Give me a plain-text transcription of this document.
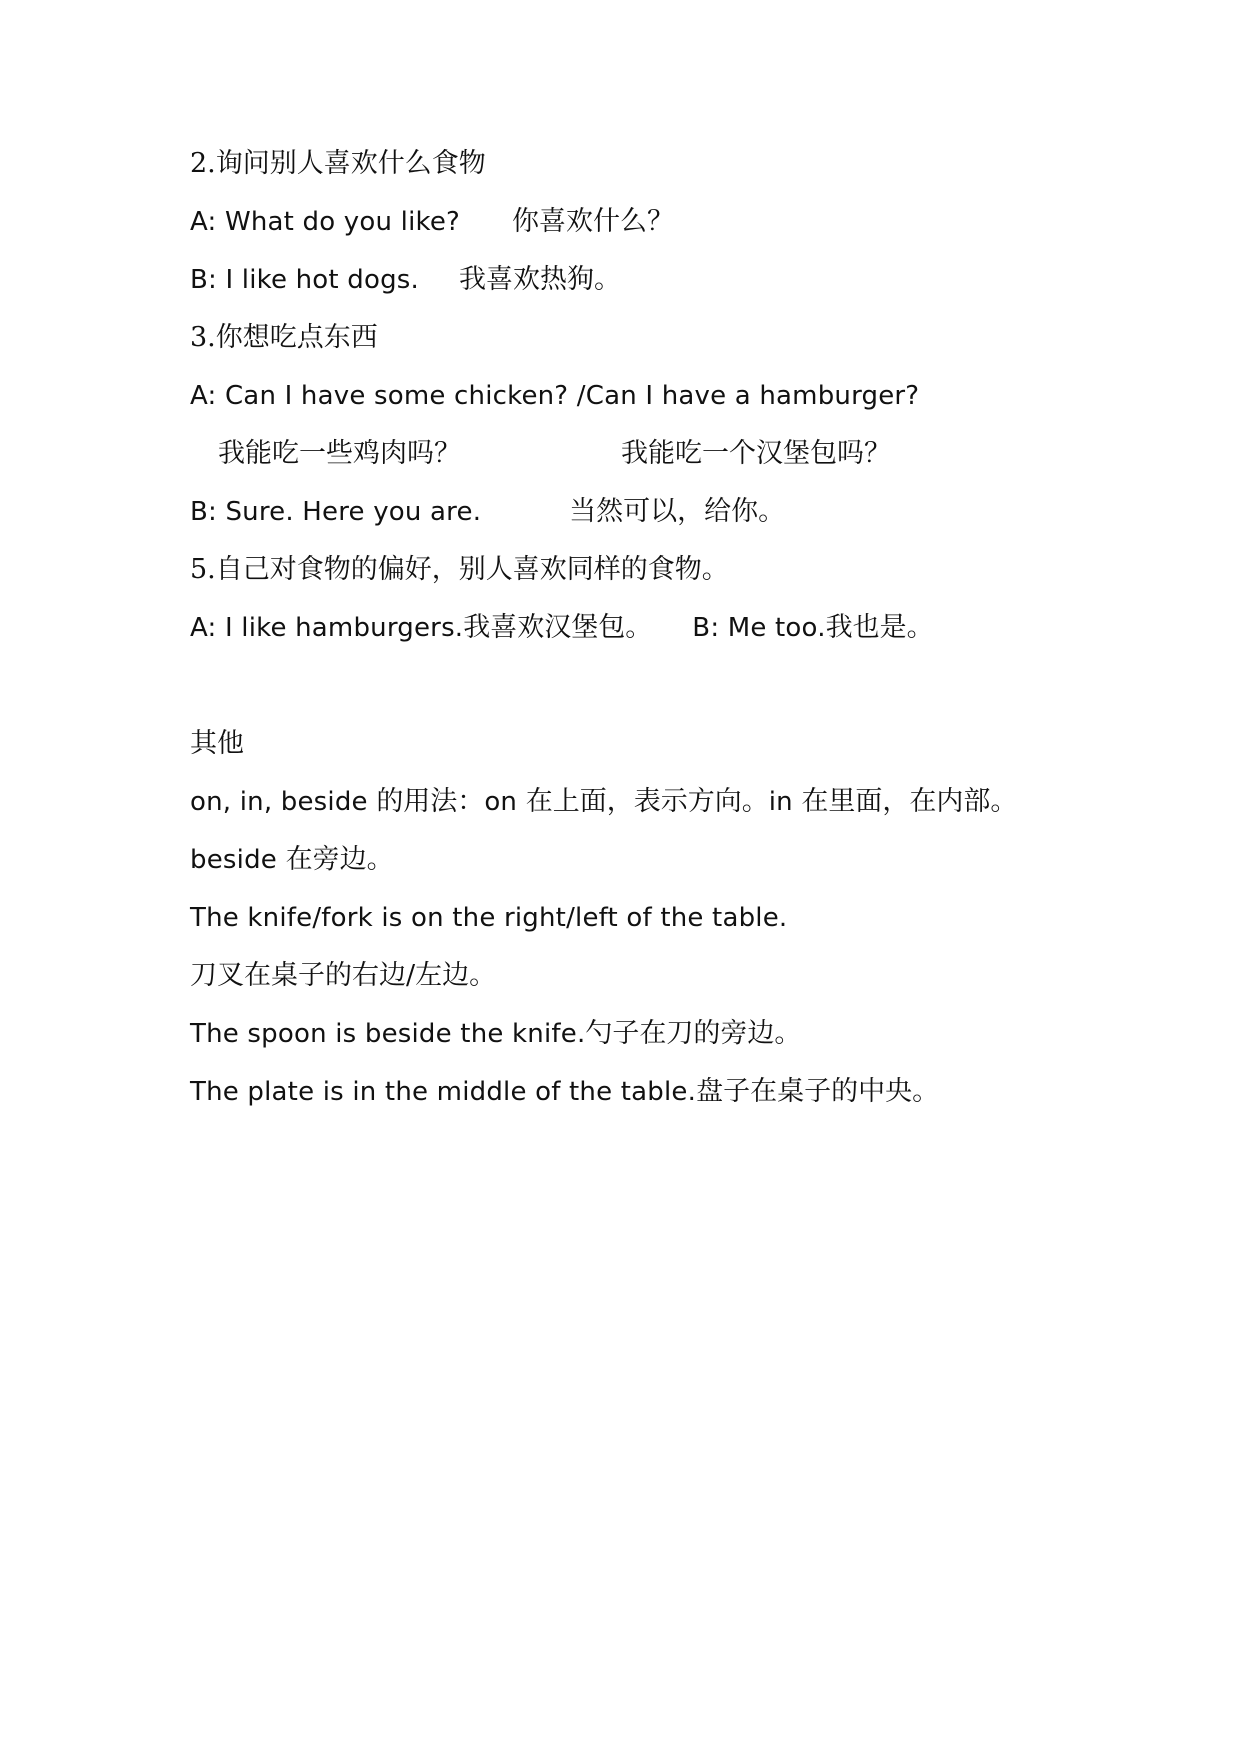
2.询问别人喜欢什么食物
A: What do you like? 你喜欢什么？
B: I like hot dogs. 我喜欢热狗。
3.你想吃点东西
A: Can I have some chicken? /Can I have a hamburger?
我能吃一些鸡肉吗？	我能吃一个汉堡包吗？
B: Sure. Here you are.	当然可以，给你。
5.自己对食物的偏好，别人喜欢同样的食物。
A: I like hamburgers.我喜欢汉堡包。 B: Me too.我也是。
其他
on, in, beside 的用法：on 在上面，表示方向。in 在里面，在内部。
beside 在旁边。
The knife/fork is on the right/left of the table.
刀叉在桌子的右边/左边。
The spoon is beside the knife.勺子在刀的旁边。
The plate is in the middle of the table.盘子在桌子的中央。
